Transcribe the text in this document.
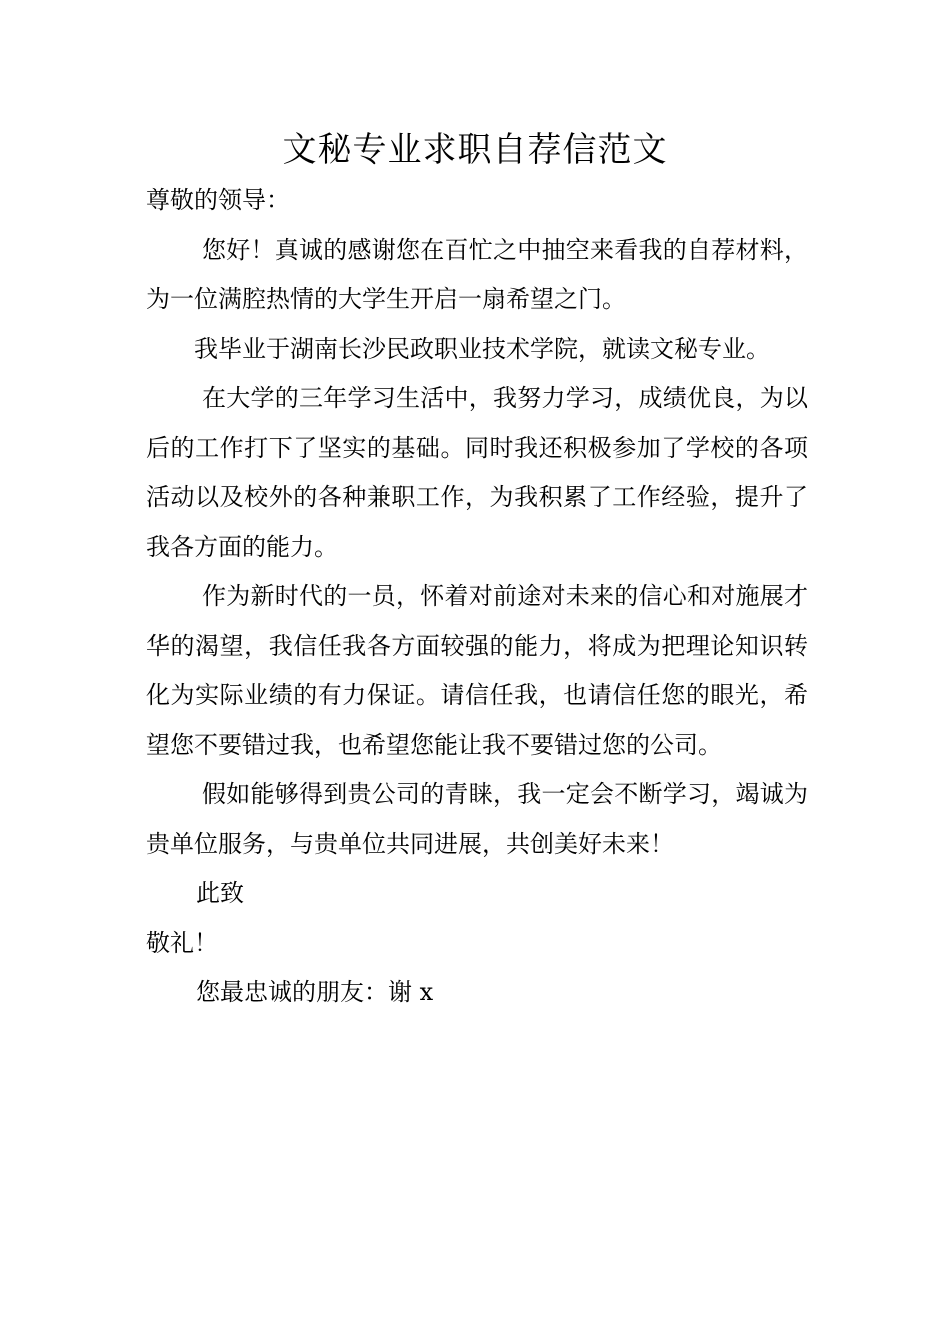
文秘专业求职自荐信范文

尊敬的领导：

您好！真诚的感谢您在百忙之中抽空来看我的自荐材料，为一位满腔热情的大学生开启一扇希望之门。

我毕业于湖南长沙民政职业技术学院，就读文秘专业。

在大学的三年学习生活中，我努力学习，成绩优良，为以后的工作打下了坚实的基础。同时我还积极参加了学校的各项活动以及校外的各种兼职工作，为我积累了工作经验，提升了我各方面的能力。

作为新时代的一员，怀着对前途对未来的信心和对施展才华的渴望，我信任我各方面较强的能力，将成为把理论知识转化为实际业绩的有力保证。请信任我，也请信任您的眼光，希望您不要错过我，也希望您能让我不要错过您的公司。

假如能够得到贵公司的青睐，我一定会不断学习，竭诚为贵单位服务，与贵单位共同进展，共创美好未来！

此致

敬礼！

您最忠诚的朋友：谢 x
